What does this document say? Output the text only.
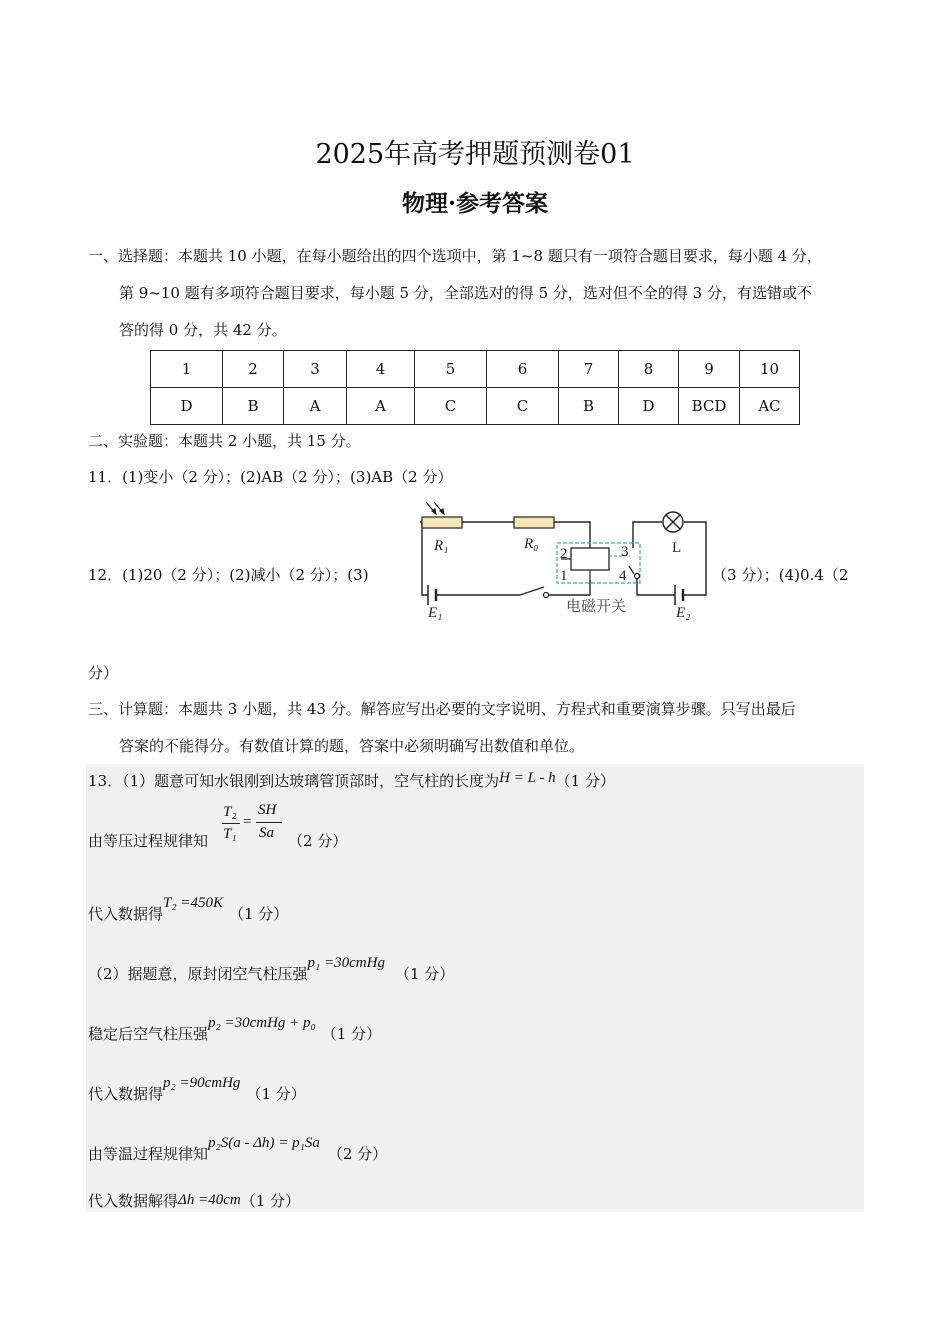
2025年高考押题预测卷01
物理·参考答案
一、选择题：本题共 10 小题，在每小题给出的四个选项中，第 1~8 题只有一项符合题目要求，每小题 4 分，
第 9~10 题有多项符合题目要求，每小题 5 分，全部选对的得 5 分，选对但不全的得 3 分，有选错或不
答的得 0 分，共 42 分。
1	2	3	4	5	6	7	8	9	10
D	B	A	A	C	C	B	D	BCD	AC
二、实验题：本题共 2 小题，共 15 分。
11．(1)变小（2 分）；(2)AB（2 分）；(3)AB（2 分）
12．(1)20（2 分）；(2)减小（2 分）；(3)	（3 分）；(4)0.4（2
分）
R₁	R₀	L
E₁	E₂
2
1
3
4
电磁开关
三、计算题：本题共 3 小题，共 43 分。解答应写出必要的文字说明、方程式和重要演算步骤。只写出最后
答案的不能得分。有数值计算的题，答案中必须明确写出数值和单位。
13．（1）题意可知水银刚到达玻璃管顶部时，空气柱的长度为H = L - h（1 分）
由等压过程规律知
T₂
T₁
=
SH
Sa （2 分）
代入数据得T₂ =450K（1 分）
（2）据题意，原封闭空气柱压强p₁ =30cmHg（1 分）
稳定后空气柱压强p₂ =30cmHg + p₀（1 分）
代入数据得p₂ =90cmHg（1 分）
由等温过程规律知p₂S(a - Δh) = p₁Sa（2 分）
代入数据解得Δh =40cm（1 分）
